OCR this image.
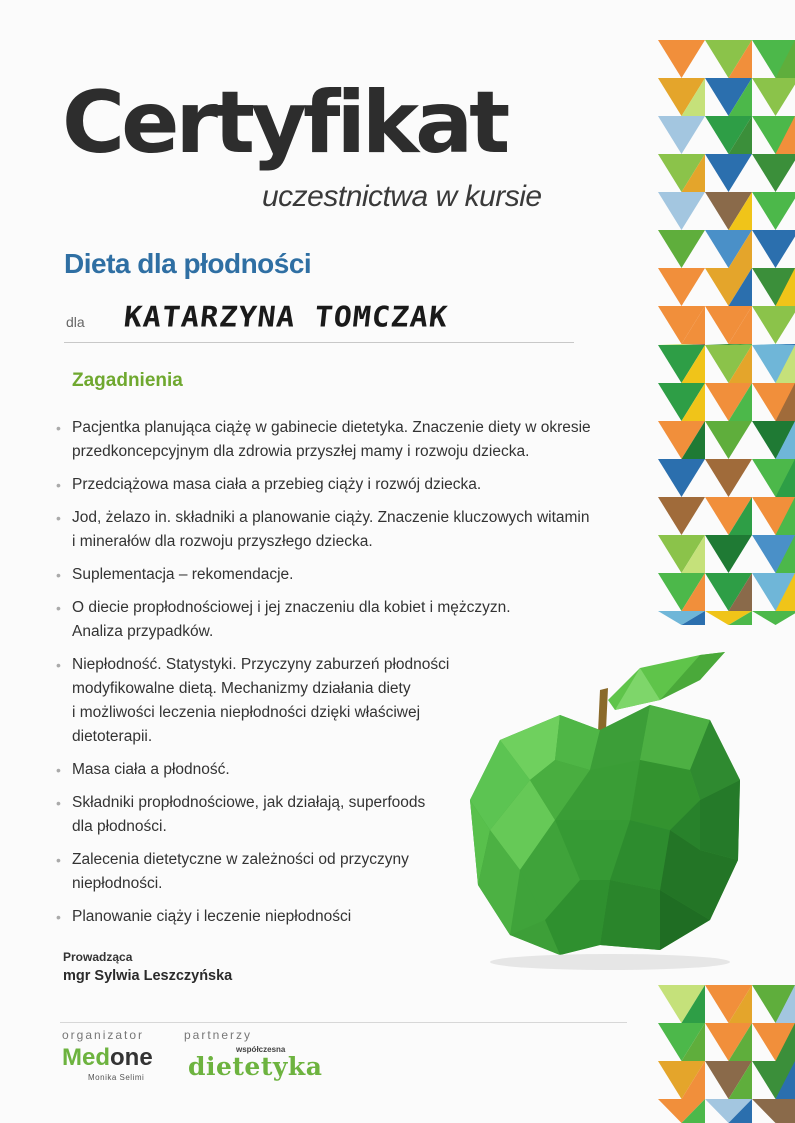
Certyfikat
uczestnictwa w kursie
Dieta dla płodności
dla KATARZYNA TOMCZAK
Zagadnienia
• Pacjentka planująca ciążę w gabinecie dietetyka. Znaczenie diety w okresie
przedkoncepcyjnym dla zdrowia przyszłej mamy i rozwoju dziecka.
• Przedciążowa masa ciała a przebieg ciąży i rozwój dziecka.
• Jod, żelazo in. składniki a planowanie ciąży. Znaczenie kluczowych witamin
i minerałów dla rozwoju przyszłego dziecka.
• Suplementacja – rekomendacje.
• O diecie propłodnościowej i jej znaczeniu dla kobiet i mężczyzn.
Analiza przypadków.
• Niepłodność. Statystyki. Przyczyny zaburzeń płodności
modyfikowalne dietą. Mechanizmy działania diety
i możliwości leczenia niepłodności dzięki właściwej
dietoterapii.
• Masa ciała a płodność.
• Składniki propłodnościowe, jak działają, superfoods
dla płodności.
• Zalecenia dietetyczne w zależności od przyczyny
niepłodności.
• Planowanie ciąży i leczenie niepłodności
Prowadząca
mgr Sylwia Leszczyńska
organizator	partnerzy
Medone
Monika Selimi
współczesna
dietetyka
